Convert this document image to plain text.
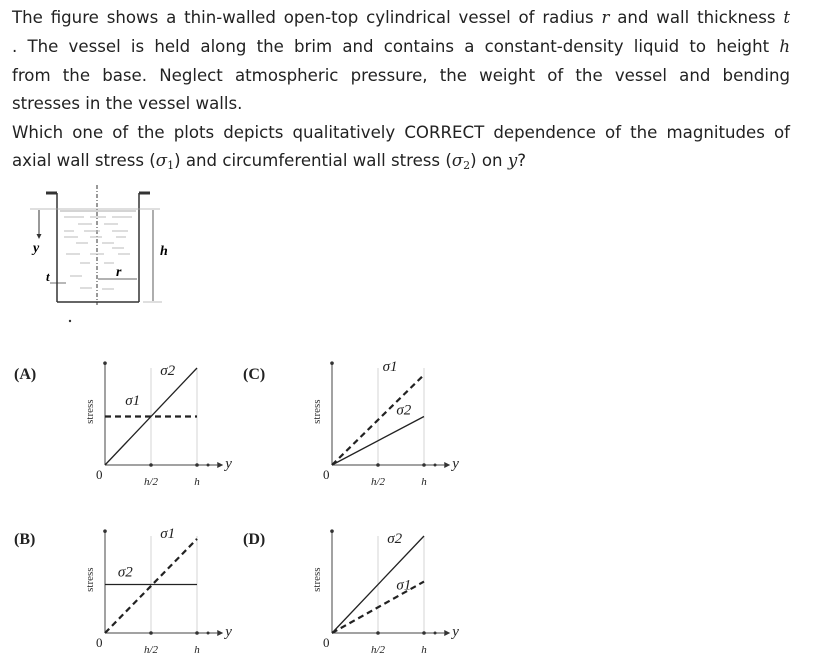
The figure shows a thin-walled open-top cylindrical vessel of radius r and wall thickness t
. The vessel is held along the brim and contains a constant-density liquid to height h
from the base. Neglect atmospheric pressure, the weight of the vessel and bending
stresses in the vessel walls.
Which one of the plots depicts qualitatively CORRECT dependence of the magnitudes of
axial wall stress $(\sigma_1)$ and circumferential wall stress $(\sigma_2)$ on y?
y
t	r
h
(A)
σ1
σ2
stress
0	h/2	h
y
(B)	σ1
σ2
stress
0	h/2	h
y
(C)	σ1
σ2
stress
0	h/2	h
y
(D)
σ1
σ2
stress
0	h/2	h
y
